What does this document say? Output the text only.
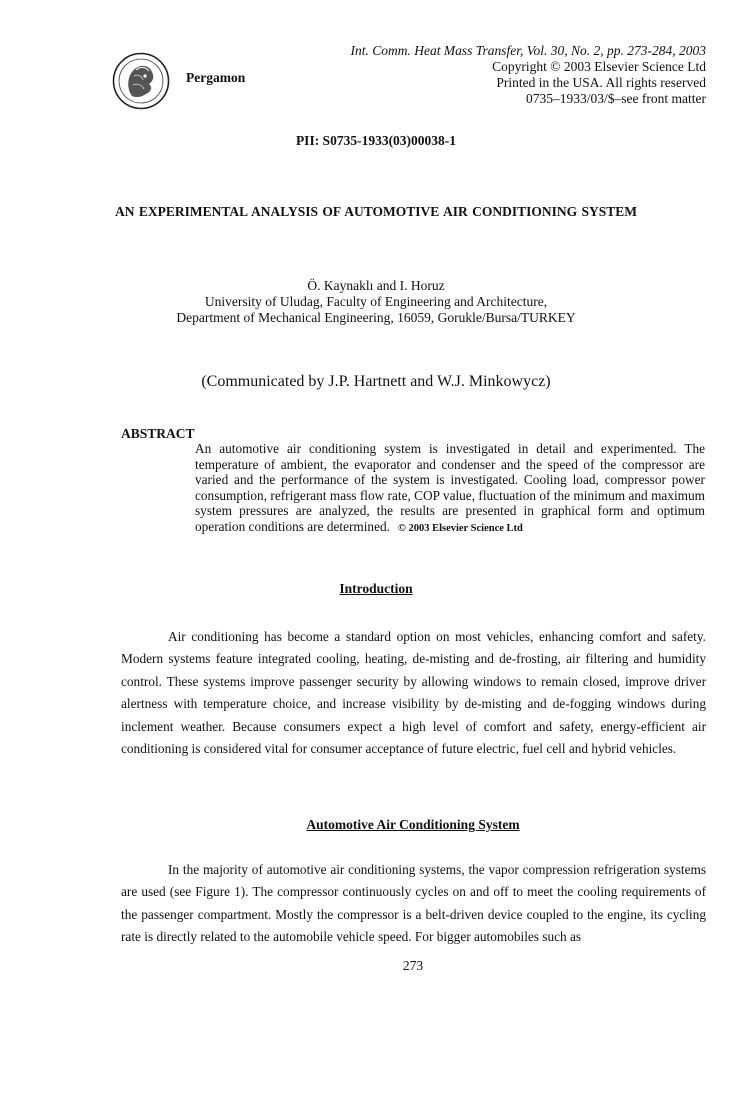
Pergamon
Int. Comm. Heat Mass Transfer, Vol. 30, No. 2, pp. 273-284, 2003
Copyright © 2003 Elsevier Science Ltd
Printed in the USA. All rights reserved
0735–1933/03/$–see front matter
PII: S0735-1933(03)00038-1
AN EXPERIMENTAL ANALYSIS OF AUTOMOTIVE AIR CONDITIONING SYSTEM
Ö. Kaynaklı and I. Horuz
University of Uludag, Faculty of Engineering and Architecture,
Department of Mechanical Engineering, 16059, Gorukle/Bursa/TURKEY
(Communicated by J.P. Hartnett and W.J. Minkowycz)
ABSTRACT
An automotive air conditioning system is investigated in detail and experimented. The temperature of ambient, the evaporator and condenser and the speed of the compressor are varied and the performance of the system is investigated. Cooling load, compressor power consumption, refrigerant mass flow rate, COP value, fluctuation of the minimum and maximum system pressures are analyzed, the results are presented in graphical form and optimum operation conditions are determined. © 2003 Elsevier Science Ltd
Introduction
Air conditioning has become a standard option on most vehicles, enhancing comfort and safety. Modern systems feature integrated cooling, heating, de-misting and de-frosting, air filtering and humidity control. These systems improve passenger security by allowing windows to remain closed, improve driver alertness with temperature choice, and increase visibility by de-misting and de-fogging windows during inclement weather. Because consumers expect a high level of comfort and safety, energy-efficient air conditioning is considered vital for consumer acceptance of future electric, fuel cell and hybrid vehicles.
Automotive Air Conditioning System
In the majority of automotive air conditioning systems, the vapor compression refrigeration systems are used (see Figure 1). The compressor continuously cycles on and off to meet the cooling requirements of the passenger compartment. Mostly the compressor is a belt-driven device coupled to the engine, its cycling rate is directly related to the automobile vehicle speed. For bigger automobiles such as
273
